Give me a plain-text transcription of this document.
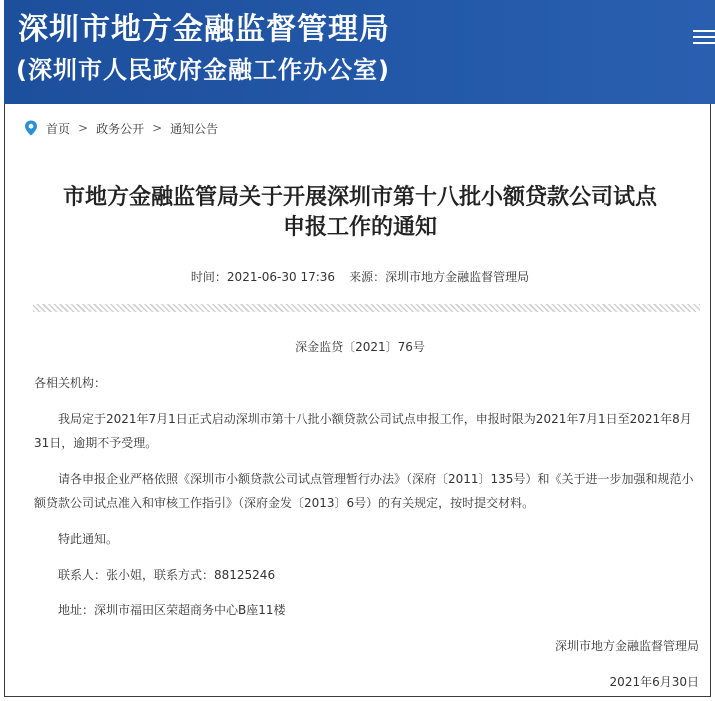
深圳市地方金融监督管理局
(深圳市人民政府金融工作办公室)
首页 > 政务公开 > 通知公告
市地方金融监管局关于开展深圳市第十八批小额贷款公司试点
申报工作的通知
时间：2021-06-30 17:36 来源：深圳市地方金融监督管理局
深金监贷〔2021〕76号
各相关机构：
我局定于2021年7月1日正式启动深圳市第十八批小额贷款公司试点申报工作，申报时限为2021年7月1日至2021年8月31日，逾期不予受理。
请各申报企业严格依照《深圳市小额贷款公司试点管理暂行办法》（深府〔2011〕135号）和《关于进一步加强和规范小额贷款公司试点准入和审核工作指引》（深府金发〔2013〕6号）的有关规定，按时提交材料。
特此通知。
联系人：张小姐，联系方式：88125246
地址：深圳市福田区荣超商务中心B座11楼
深圳市地方金融监督管理局
2021年6月30日
